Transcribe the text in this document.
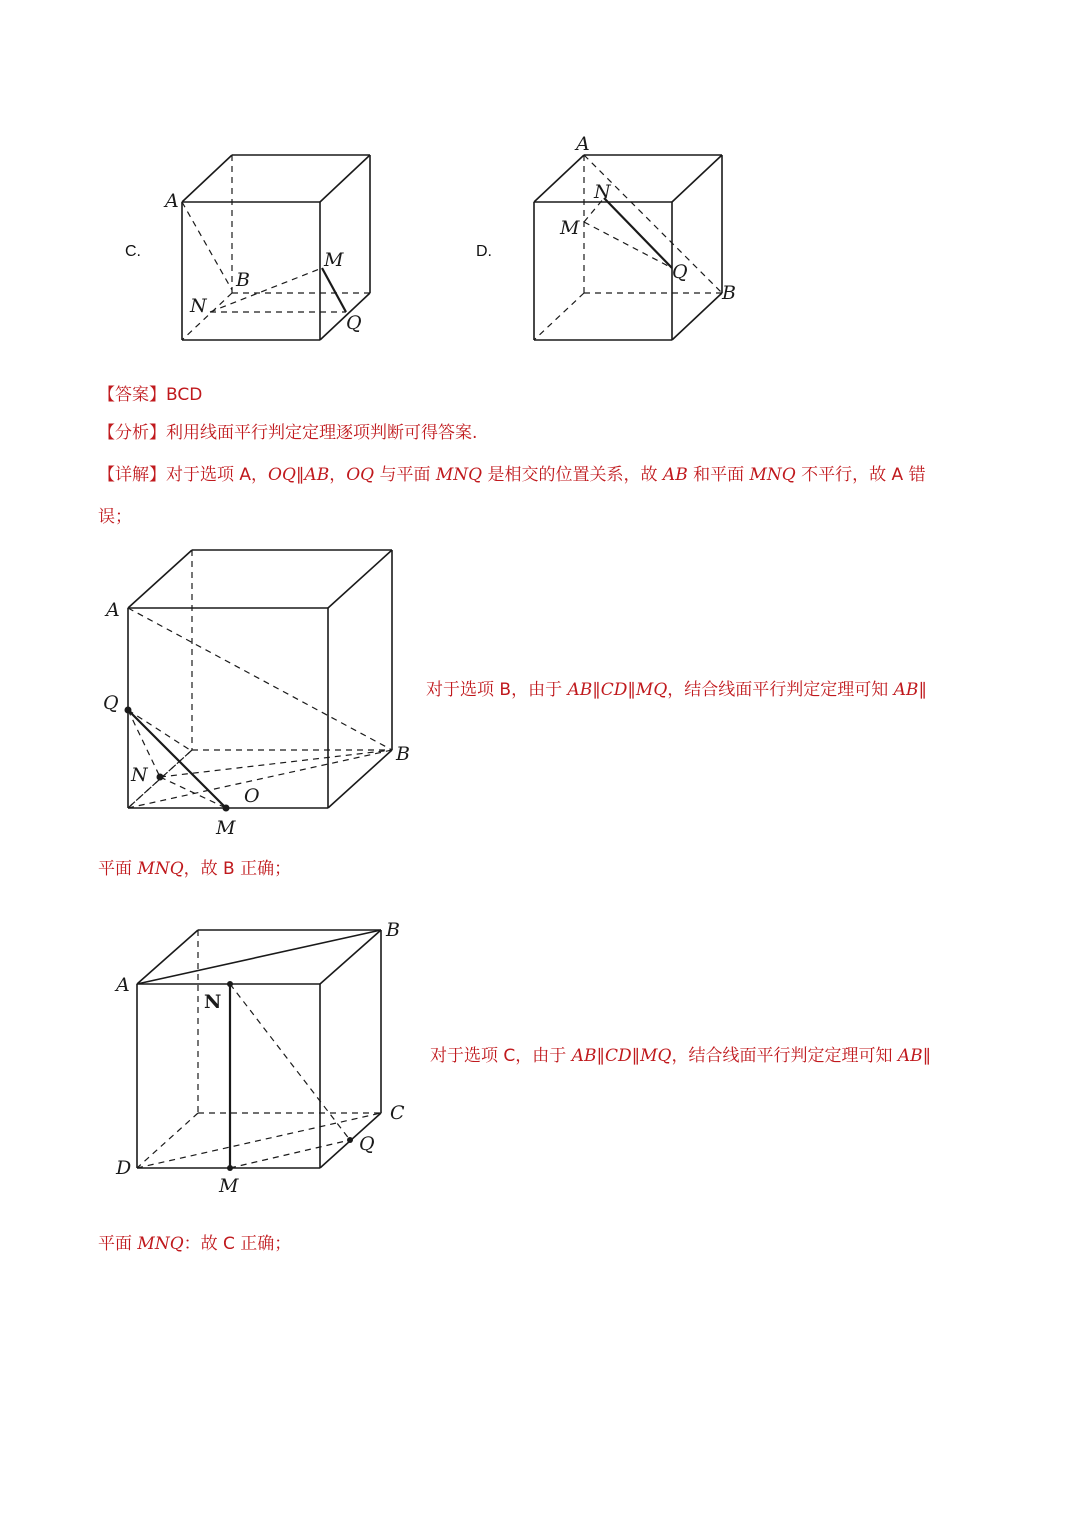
C.	D.
A
B
M
N
Q
A
N
M
Q
B
【答案】BCD
【分析】利用线面平行判定定理逐项判断可得答案.
【详解】对于选项 A，OQ∥AB，OQ 与平面 MNQ 是相交的位置关系，故 AB 和平面 MNQ 不平行，故 A 错
误；
A
Q
N
O
M
B
对于选项 B，由于 AB∥CD∥MQ，结合线面平行判定定理可知 AB∥
平面 MNQ，故 B 正确；
A
B
N
C
Q
D
M
对于选项 C，由于 AB∥CD∥MQ，结合线面平行判定定理可知 AB∥
平面 MNQ：故 C 正确；
